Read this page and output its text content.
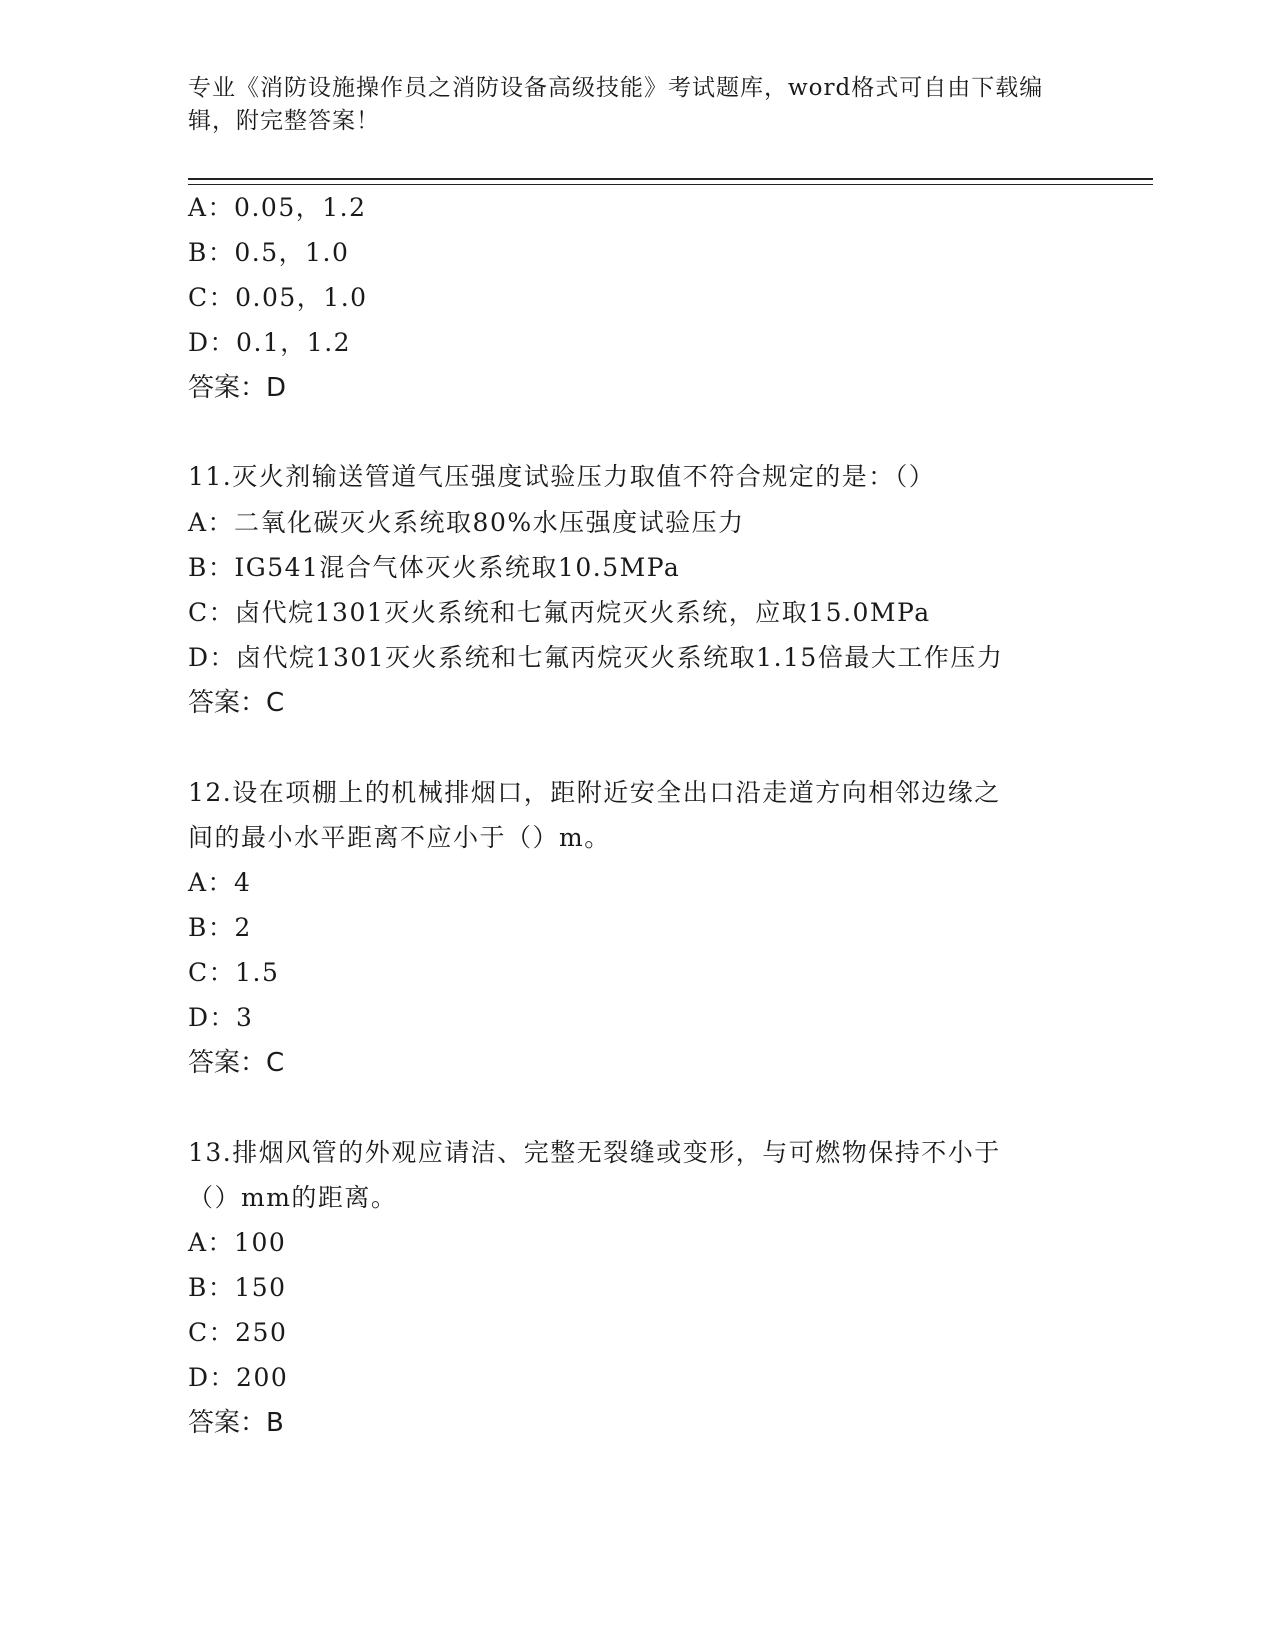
专业《消防设施操作员之消防设备高级技能》考试题库，word格式可自由下载编
辑，附完整答案！
A：0.05，1.2
B：0.5，1.0
C：0.05，1.0
D：0.1，1.2
答案：D
11.灭火剂输送管道气压强度试验压力取值不符合规定的是：（）
A：二氧化碳灭火系统取80%水压强度试验压力
B：IG541混合气体灭火系统取10.5MPa
C：卤代烷1301灭火系统和七氟丙烷灭火系统，应取15.0MPa
D：卤代烷1301灭火系统和七氟丙烷灭火系统取1.15倍最大工作压力
答案：C
12.设在项棚上的机械排烟口，距附近安全出口沿走道方向相邻边缘之
间的最小水平距离不应小于（）m。
A：4
B：2
C：1.5
D：3
答案：C
13.排烟风管的外观应请洁、完整无裂缝或变形，与可燃物保持不小于
（）mm的距离。
A：100
B：150
C：250
D：200
答案：B
